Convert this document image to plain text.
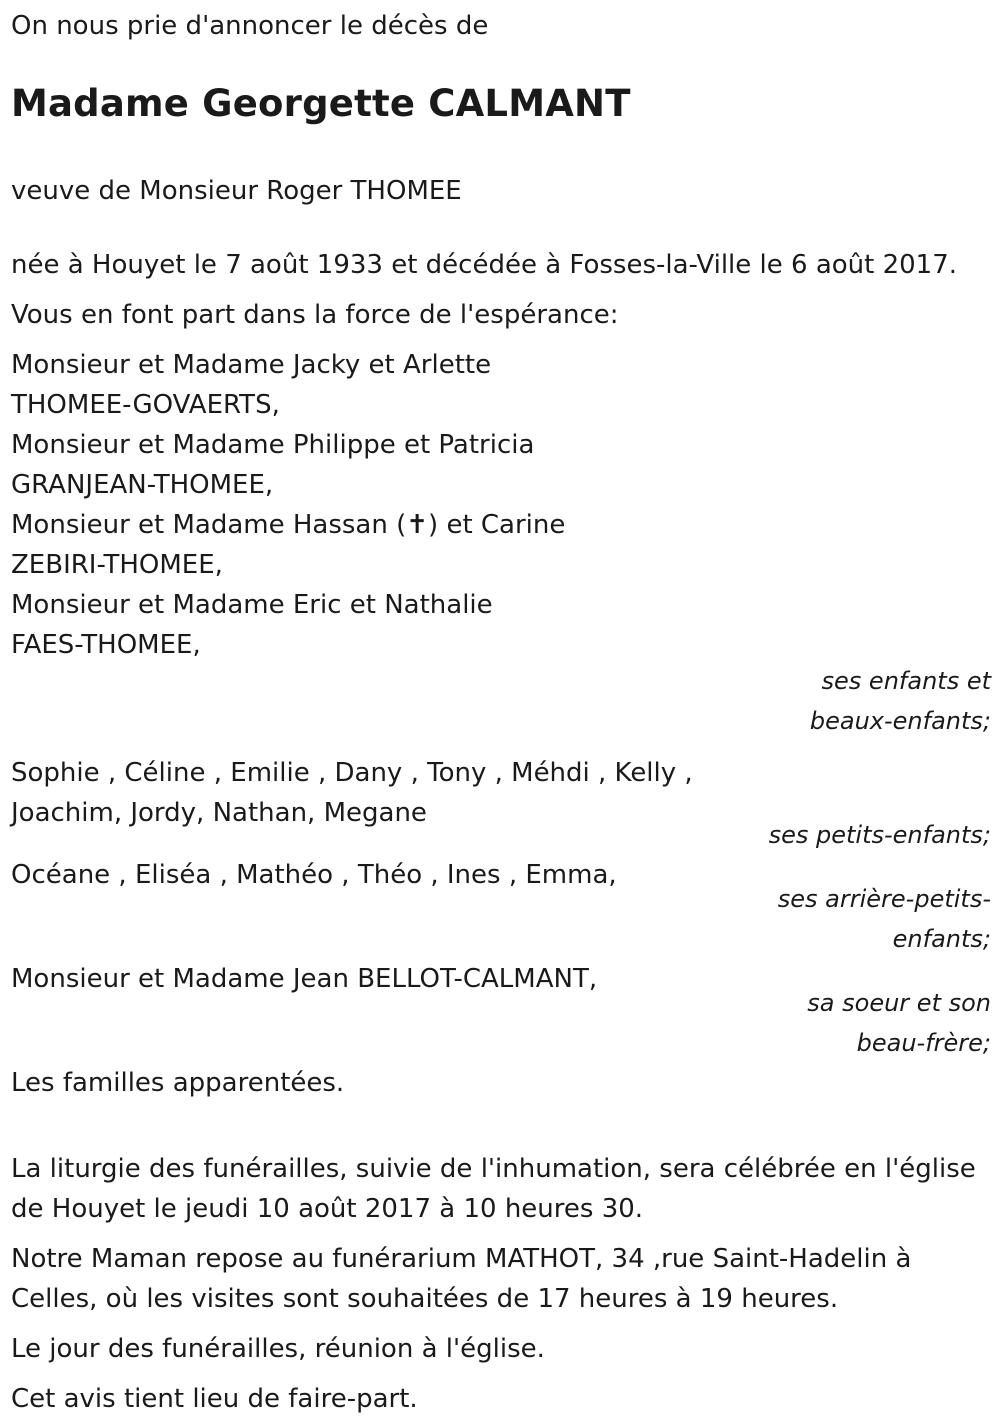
On nous prie d'annoncer le décès de
Madame Georgette CALMANT
veuve de Monsieur Roger THOMEE
née à Houyet le 7 août 1933 et décédée à Fosses-la-Ville le 6 août 2017.
Vous en font part dans la force de l'espérance:
Monsieur et Madame Jacky et Arlette
THOMEE-GOVAERTS,
Monsieur et Madame Philippe et Patricia
GRANJEAN-THOMEE,
Monsieur et Madame Hassan (✝) et Carine
ZEBIRI-THOMEE,
Monsieur et Madame Eric et Nathalie
FAES-THOMEE,
ses enfants et
beaux-enfants;
Sophie , Céline , Emilie , Dany , Tony , Méhdi , Kelly ,
Joachim, Jordy, Nathan, Megane
ses petits-enfants;
Océane , Eliséa , Mathéo , Théo , Ines , Emma,
ses arrière-petits-
enfants;
Monsieur et Madame Jean BELLOT-CALMANT,
sa soeur et son
beau-frère;
Les familles apparentées.
La liturgie des funérailles, suivie de l'inhumation, sera célébrée en l'église
de Houyet le jeudi 10 août 2017 à 10 heures 30.
Notre Maman repose au funérarium MATHOT, 34 ,rue Saint-Hadelin à
Celles, où les visites sont souhaitées de 17 heures à 19 heures.
Le jour des funérailles, réunion à l'église.
Cet avis tient lieu de faire-part.
